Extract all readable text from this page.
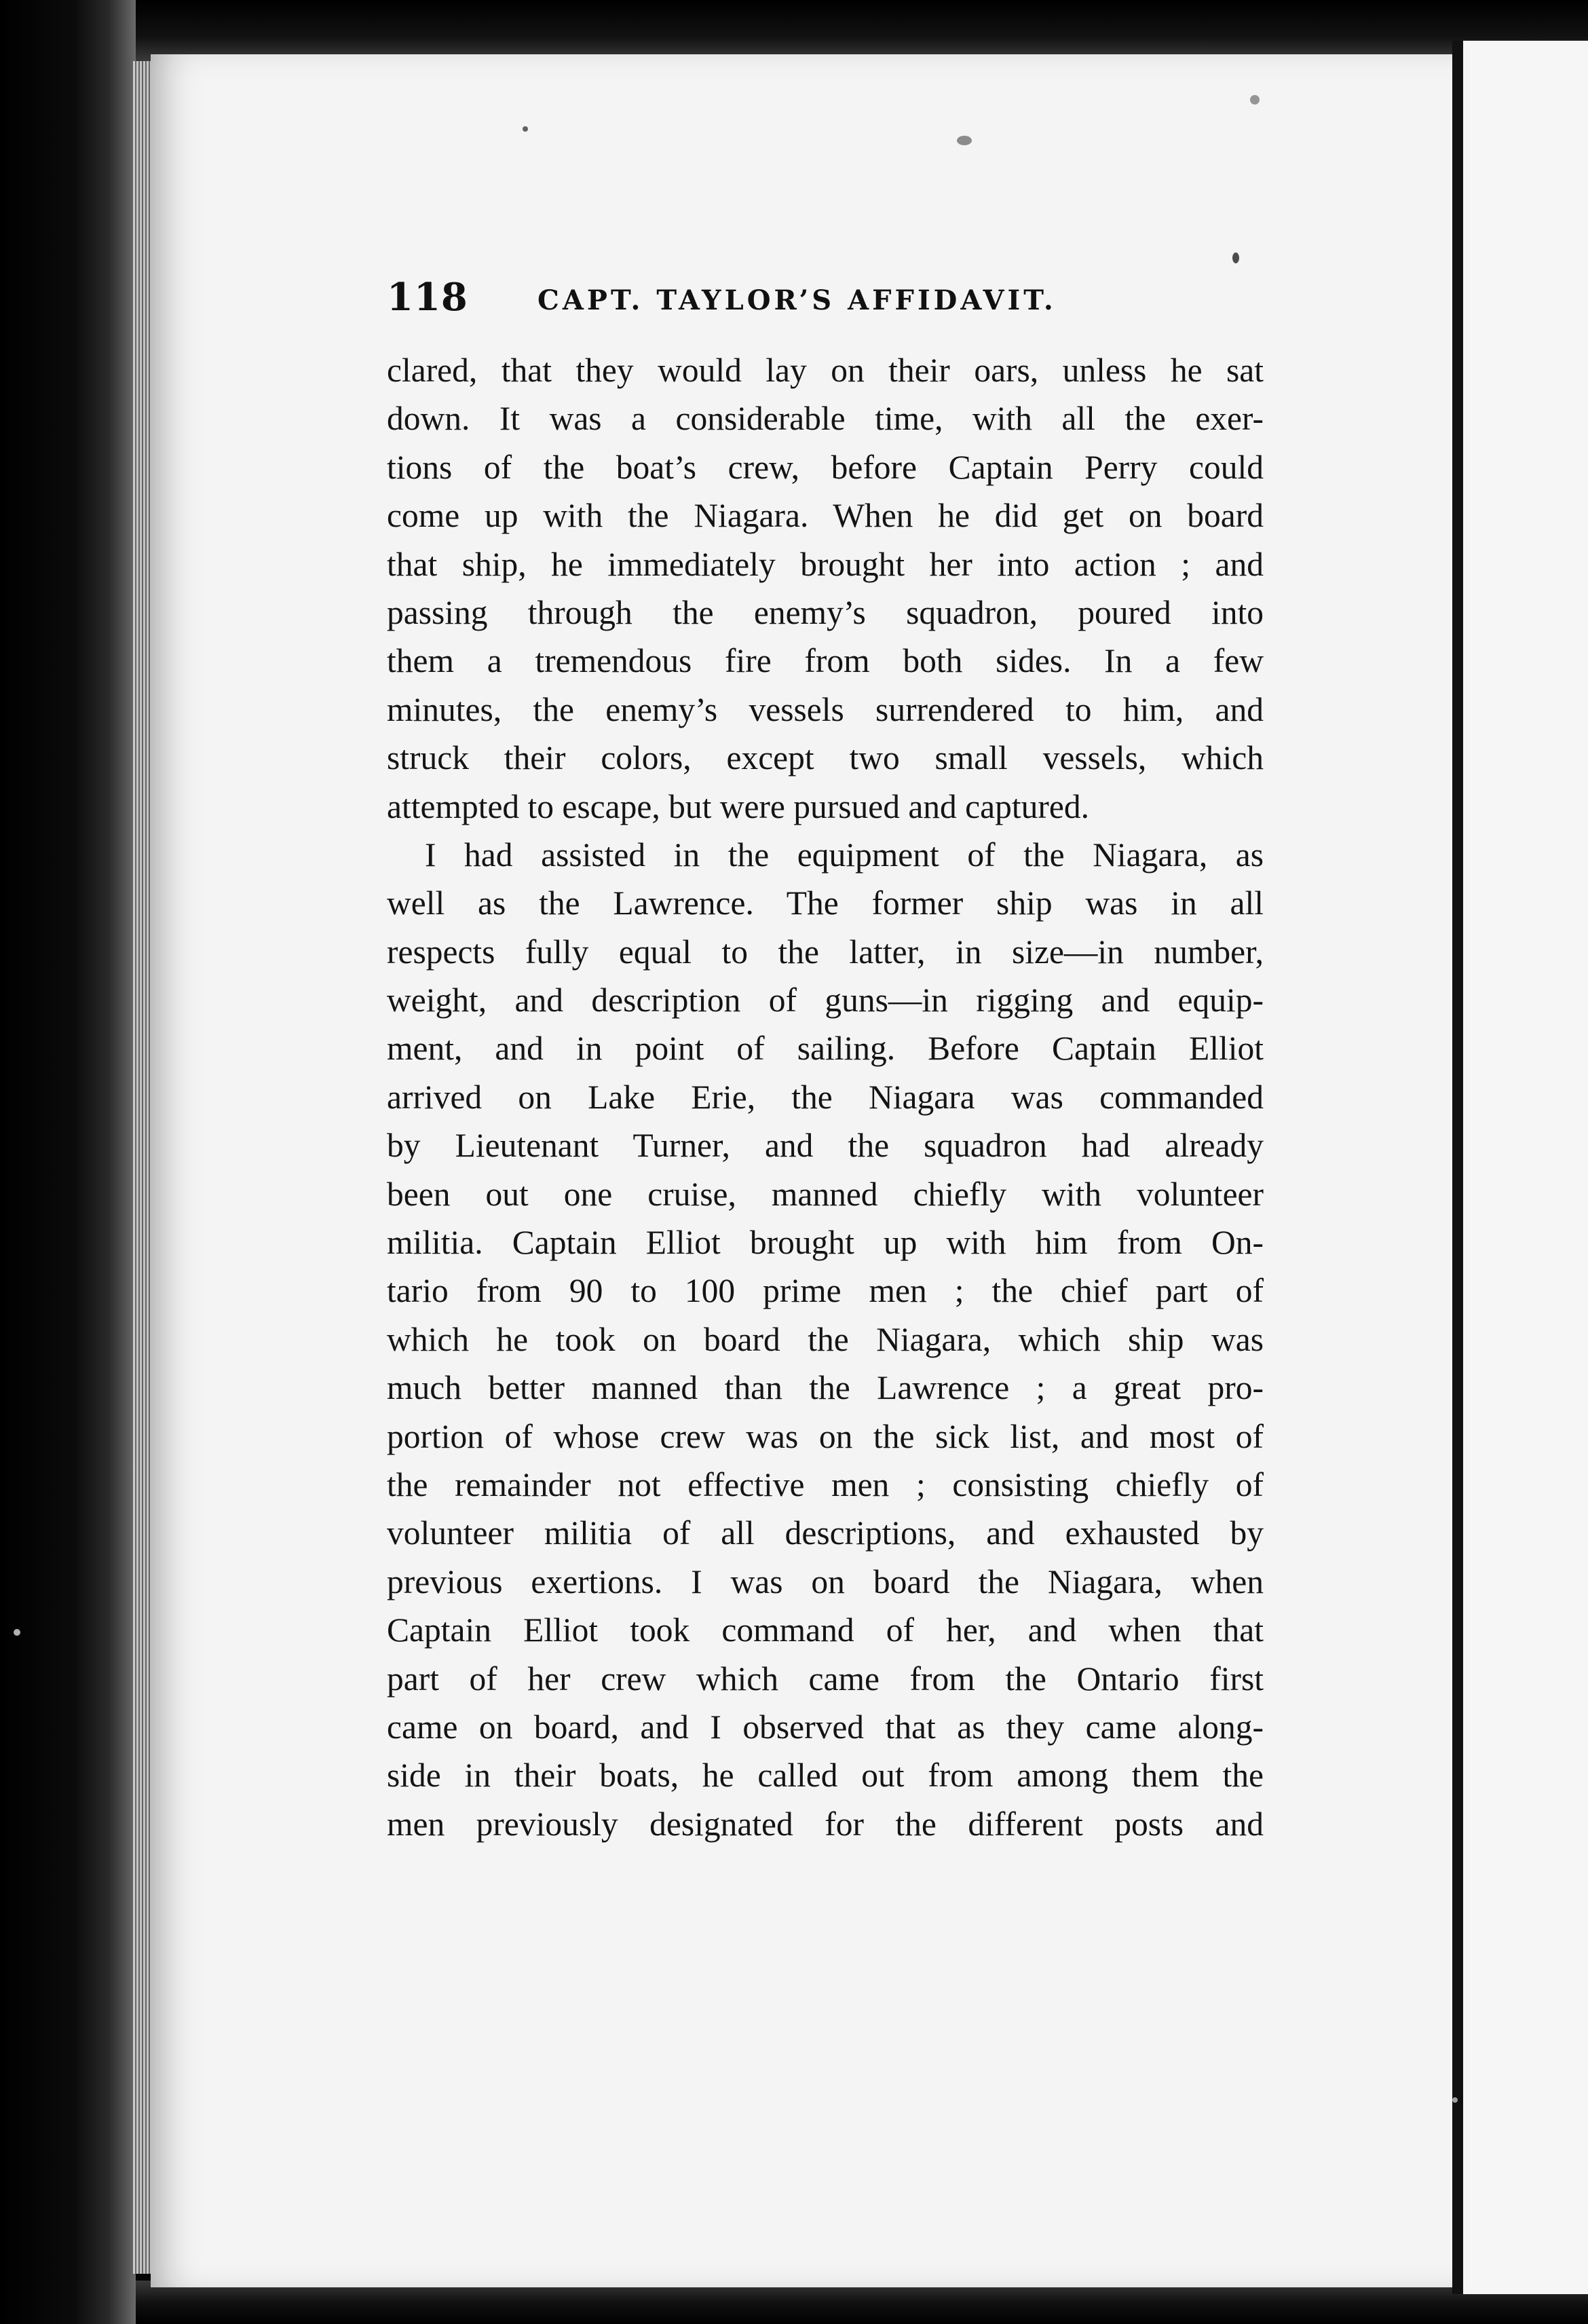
118	CAPT. TAYLOR’S AFFIDAVIT.
clared, that they would lay on their oars, unless he sat
down. It was a considerable time, with all the exer-
tions of the boat’s crew, before Captain Perry could
come up with the Niagara. When he did get on board
that ship, he immediately brought her into action ; and
passing through the enemy’s squadron, poured into
them a tremendous fire from both sides. In a few
minutes, the enemy’s vessels surrendered to him, and
struck their colors, except two small vessels, which
attempted to escape, but were pursued and captured.
I had assisted in the equipment of the Niagara, as
well as the Lawrence. The former ship was in all
respects fully equal to the latter, in size—in number,
weight, and description of guns—in rigging and equip-
ment, and in point of sailing. Before Captain Elliot
arrived on Lake Erie, the Niagara was commanded
by Lieutenant Turner, and the squadron had already
been out one cruise, manned chiefly with volunteer
militia. Captain Elliot brought up with him from On-
tario from 90 to 100 prime men ; the chief part of
which he took on board the Niagara, which ship was
much better manned than the Lawrence ; a great pro-
portion of whose crew was on the sick list, and most of
the remainder not effective men ; consisting chiefly of
volunteer militia of all descriptions, and exhausted by
previous exertions. I was on board the Niagara, when
Captain Elliot took command of her, and when that
part of her crew which came from the Ontario first
came on board, and I observed that as they came along-
side in their boats, he called out from among them the
men previously designated for the different posts and
